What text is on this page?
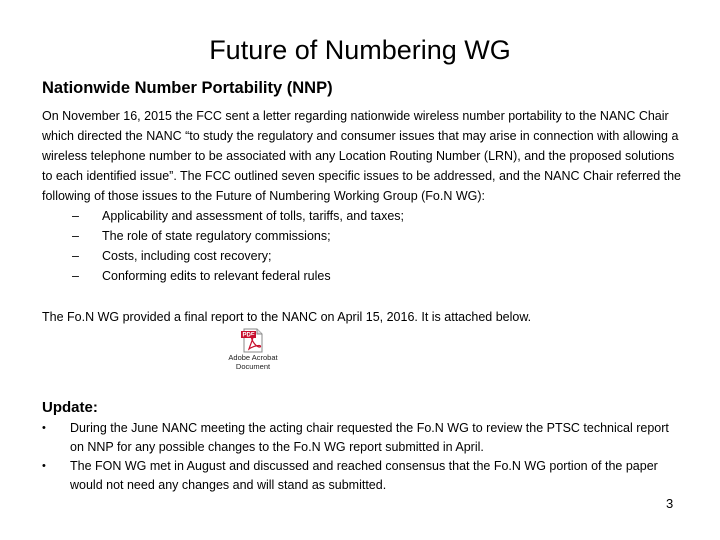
Future of Numbering WG
Nationwide Number Portability (NNP)

On November 16, 2015 the FCC sent a letter regarding nationwide wireless number portability to the NANC Chair which directed the NANC “to study the regulatory and consumer issues that may arise in connection with allowing a wireless telephone number to be associated with any Location Routing Number (LRN), and the proposed solutions to each identified issue”. The FCC outlined seven specific issues to be addressed, and the NANC Chair referred the following of those issues to the Future of Numbering Working Group (Fo.N WG):

– Applicability and assessment of tolls, tariffs, and taxes;
– The role of state regulatory commissions;
– Costs, including cost recovery;
– Conforming edits to relevant federal rules

The Fo.N WG provided a final report to the NANC on April 15, 2016. It is attached below.

PDF
Adobe Acrobat
Document
Update:
• During the June NANC meeting the acting chair requested the Fo.N WG to review the PTSC technical report on NNP for any possible changes to the Fo.N WG report submitted in April.
• The FON WG met in August and discussed and reached consensus that the Fo.N WG portion of the paper would not need any changes and will stand as submitted.
3
